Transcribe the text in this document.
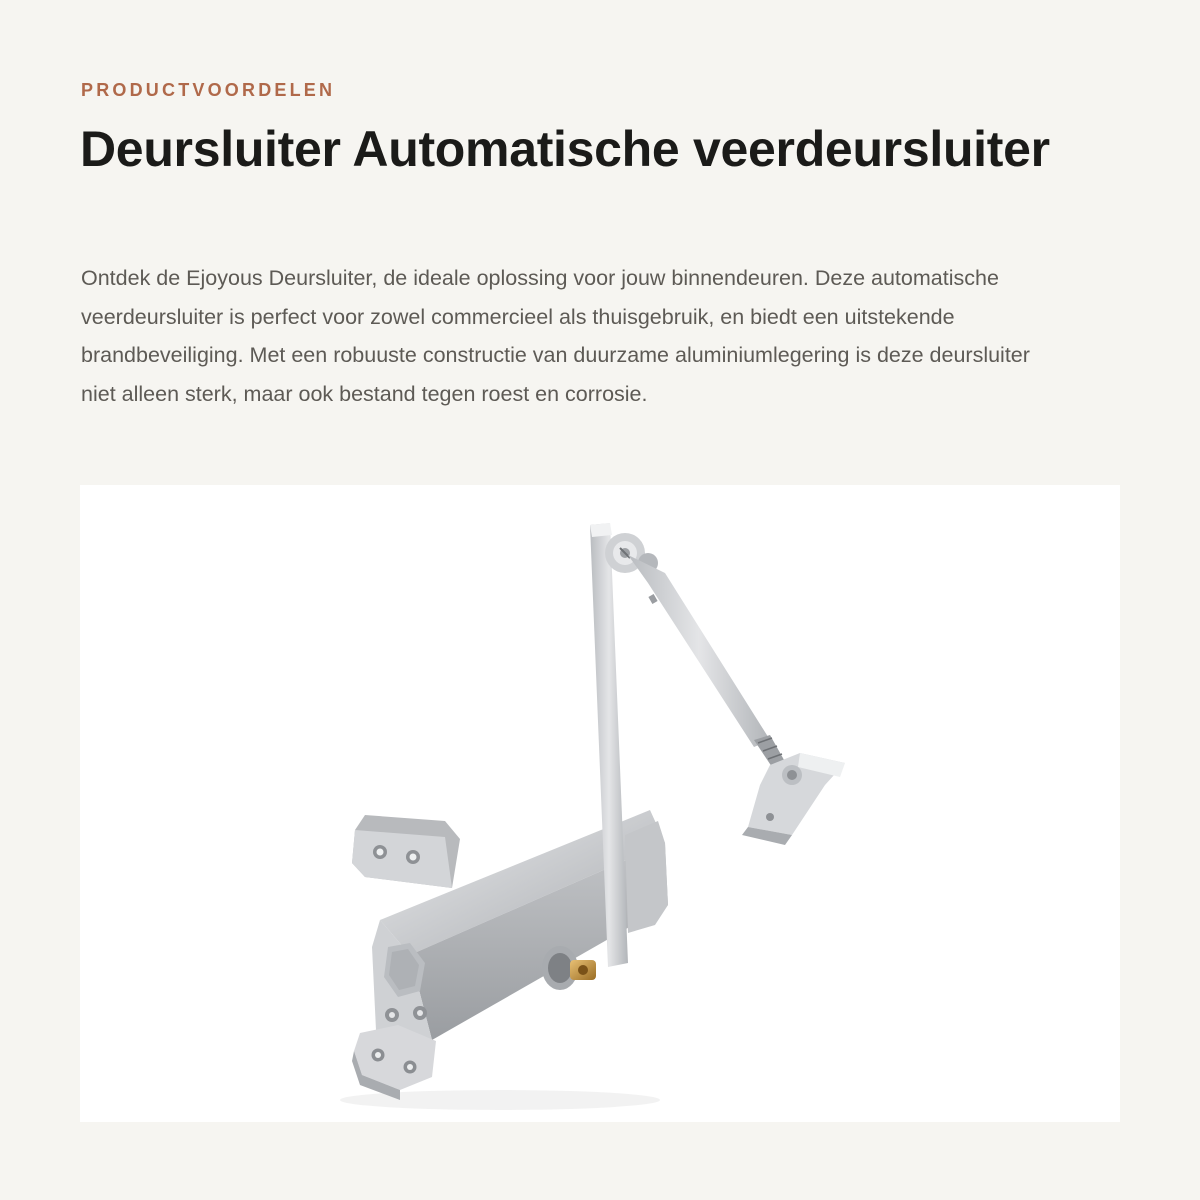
PRODUCTVOORDELEN
Deursluiter Automatische veerdeursluiter

Ontdek de Ejoyous Deursluiter, de ideale oplossing voor jouw binnendeuren. Deze automatische veerdeursluiter is perfect voor zowel commercieel als thuisgebruik, en biedt een uitstekende brandbeveiliging. Met een robuuste constructie van duurzame aluminiumlegering is deze deursluiter niet alleen sterk, maar ook bestand tegen roest en corrosie.
